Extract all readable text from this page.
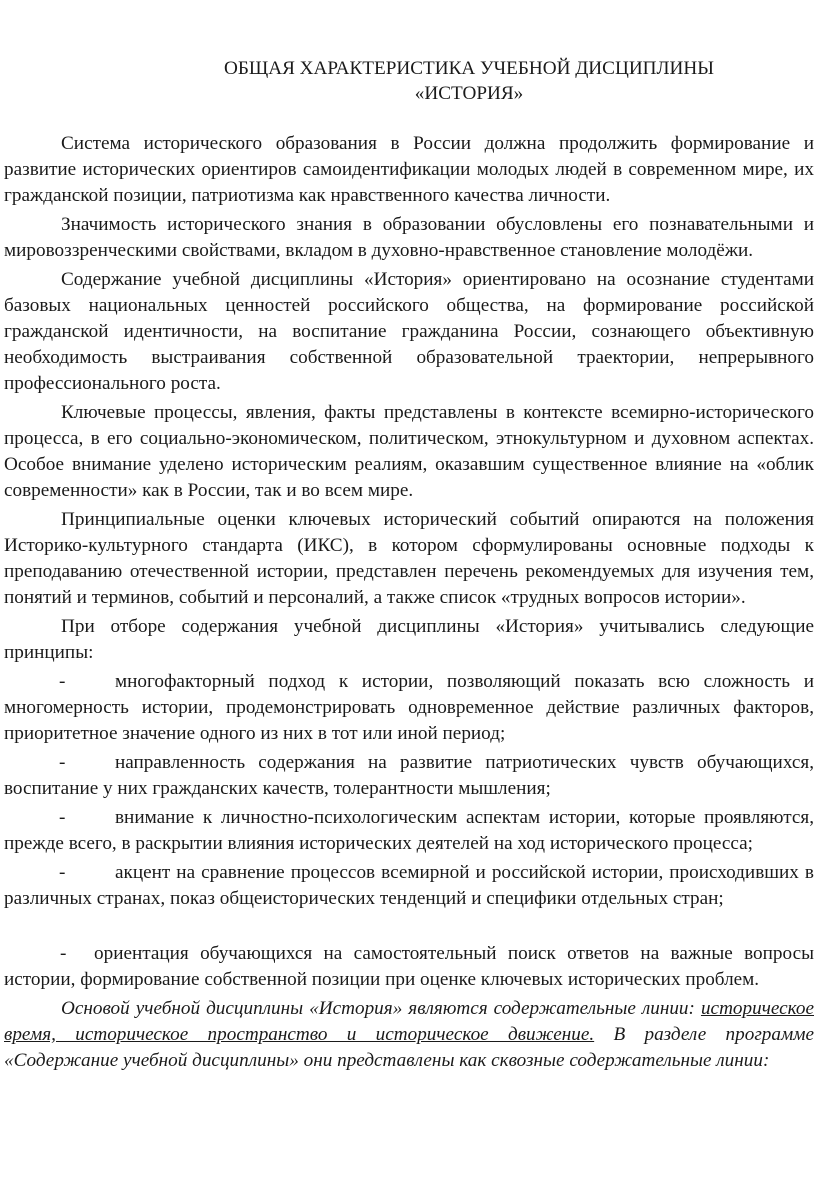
ОБЩАЯ ХАРАКТЕРИСТИКА УЧЕБНОЙ ДИСЦИПЛИНЫ
«ИСТОРИЯ»

Система исторического образования в России должна продолжить формирование и развитие исторических ориентиров самоидентификации молодых людей в современном мире, их гражданской позиции, патриотизма как нравственного качества личности.

Значимость исторического знания в образовании обусловлены его познавательными и мировоззренческими свойствами, вкладом в духовно-нравственное становление молодёжи.

Содержание учебной дисциплины «История» ориентировано на осознание студентами базовых национальных ценностей российского общества, на формирование российской гражданской идентичности, на воспитание гражданина России, сознающего объективную необходимость выстраивания собственной образовательной траектории, непрерывного профессионального роста.

Ключевые процессы, явления, факты представлены в контексте всемирно-исторического процесса, в его социально-экономическом, политическом, этнокультурном и духовном аспектах. Особое внимание уделено историческим реалиям, оказавшим существенное влияние на «облик современности» как в России, так и во всем мире.

Принципиальные оценки ключевых исторический событий опираются на положения Историко-культурного стандарта (ИКС), в котором сформулированы основные подходы к преподаванию отечественной истории, представлен перечень рекомендуемых для изучения тем, понятий и терминов, событий и персоналий, а также список «трудных вопросов истории».

При отборе содержания учебной дисциплины «История» учитывались следующие принципы:

-	многофакторный подход к истории, позволяющий показать всю сложность и многомерность истории, продемонстрировать одновременное действие различных факторов, приоритетное значение одного из них в тот или иной период;
-	направленность содержания на развитие патриотических чувств обучающихся, воспитание у них гражданских качеств, толерантности мышления;
-	внимание к личностно-психологическим аспектам истории, которые проявляются, прежде всего, в раскрытии влияния исторических деятелей на ход исторического процесса;
-	акцент на сравнение процессов всемирной и российской истории, происходивших в различных странах, показ общеисторических тенденций и специфики отдельных стран;
- ориентация обучающихся на самостоятельный поиск ответов на важные вопросы истории, формирование собственной позиции при оценке ключевых исторических проблем.

Основой учебной дисциплины «История» являются содержательные линии: историческое время, историческое пространство и историческое движение. В разделе программе «Содержание учебной дисциплины» они представлены как сквозные содержательные линии:
